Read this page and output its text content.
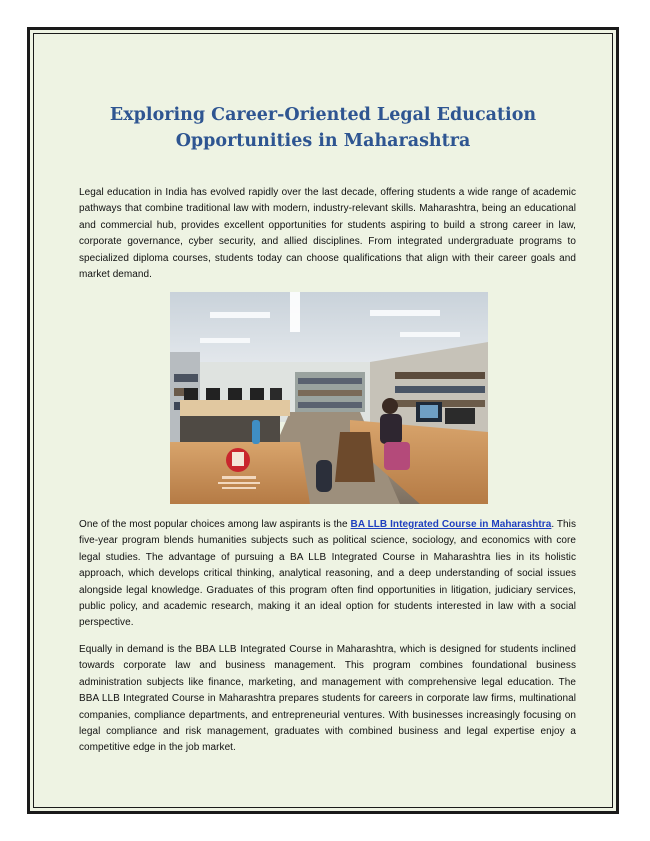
Exploring Career-Oriented Legal Education
Opportunities in Maharashtra

Legal education in India has evolved rapidly over the last decade, offering students a wide range of academic pathways that combine traditional law with modern, industry-relevant skills. Maharashtra, being an educational and commercial hub, provides excellent opportunities for students aspiring to build a strong career in law, corporate governance, cyber security, and allied disciplines. From integrated undergraduate programs to specialized diploma courses, students today can choose qualifications that align with their career goals and market demand.

One of the most popular choices among law aspirants is the BA LLB Integrated Course in Maharashtra. This five-year program blends humanities subjects such as political science, sociology, and economics with core legal studies. The advantage of pursuing a BA LLB Integrated Course in Maharashtra lies in its holistic approach, which develops critical thinking, analytical reasoning, and a deep understanding of social issues alongside legal knowledge. Graduates of this program often find opportunities in litigation, judiciary services, public policy, and academic research, making it an ideal option for students interested in law with a social perspective.

Equally in demand is the BBA LLB Integrated Course in Maharashtra, which is designed for students inclined towards corporate law and business management. This program combines foundational business administration subjects like finance, marketing, and management with comprehensive legal education. The BBA LLB Integrated Course in Maharashtra prepares students for careers in corporate law firms, multinational companies, compliance departments, and entrepreneurial ventures. With businesses increasingly focusing on legal compliance and risk management, graduates with combined business and legal expertise enjoy a competitive edge in the job market.
